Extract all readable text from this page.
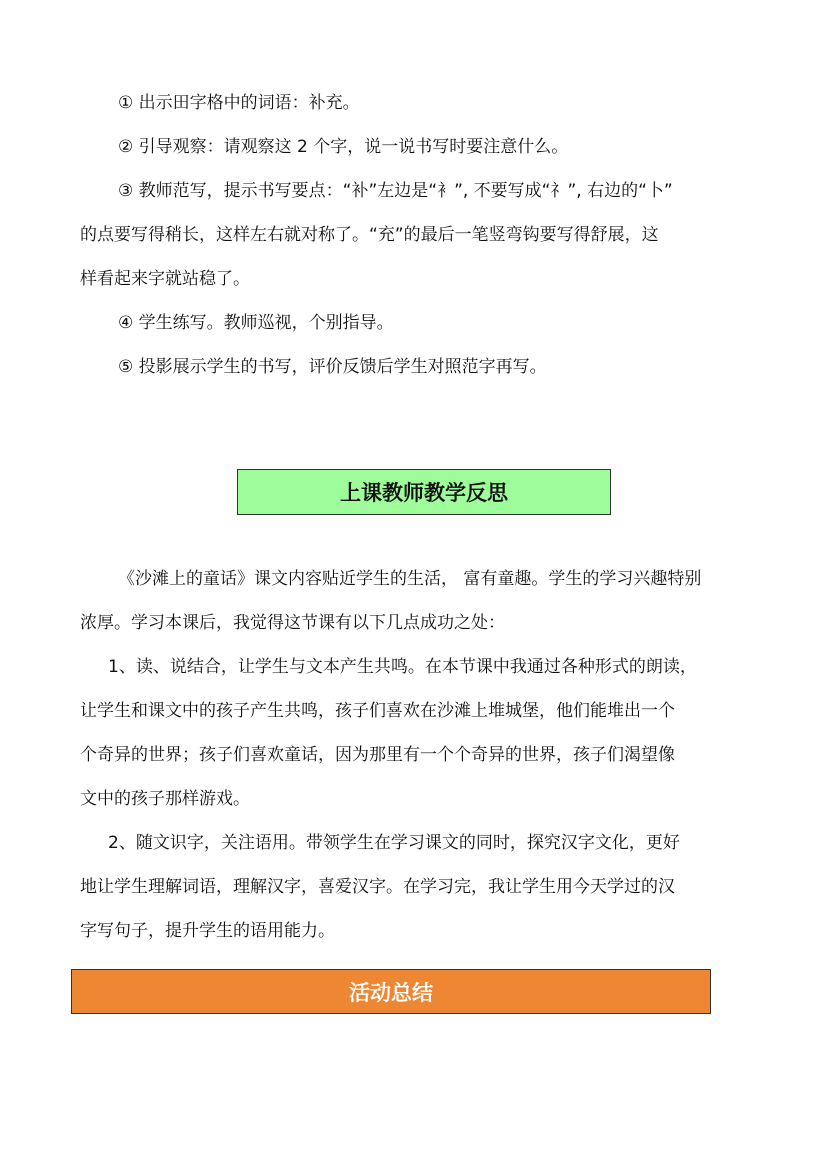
① 出示田字格中的词语：补充。
② 引导观察：请观察这 2 个字，说一说书写时要注意什么。
③ 教师范写，提示书写要点：“补”左边是“衤”, 不要写成“礻”, 右边的“卜”
的点要写得稍长，这样左右就对称了。“充”的最后一笔竖弯钩要写得舒展，这
样看起来字就站稳了。
④ 学生练写。教师巡视，个别指导。
⑤ 投影展示学生的书写，评价反馈后学生对照范字再写。
上课教师教学反思
《沙滩上的童话》课文内容贴近学生的生活， 富有童趣。学生的学习兴趣特别
浓厚。学习本课后，我觉得这节课有以下几点成功之处：
1、读、说结合，让学生与文本产生共鸣。在本节课中我通过各种形式的朗读，
让学生和课文中的孩子产生共鸣，孩子们喜欢在沙滩上堆城堡，他们能堆出一个
个奇异的世界；孩子们喜欢童话，因为那里有一个个奇异的世界，孩子们渴望像
文中的孩子那样游戏。
2、随文识字，关注语用。带领学生在学习课文的同时，探究汉字文化，更好
地让学生理解词语，理解汉字，喜爱汉字。在学习完，我让学生用今天学过的汉
字写句子，提升学生的语用能力。
活动总结
